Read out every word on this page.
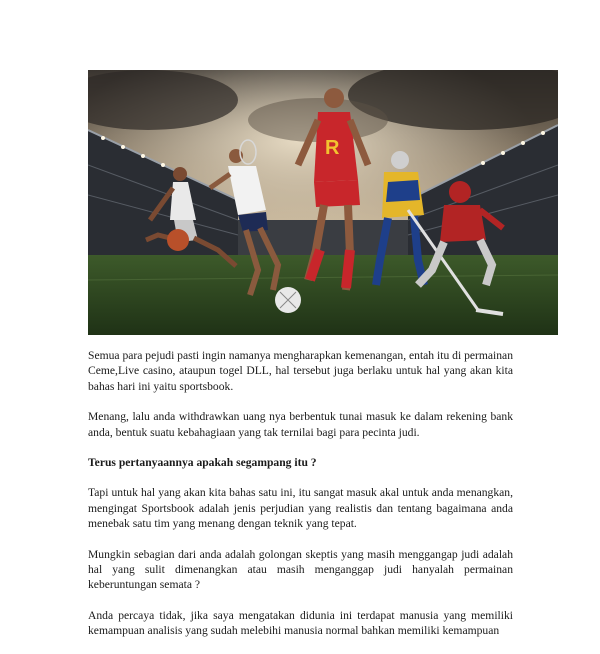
R

Semua para pejudi pasti ingin namanya mengharapkan kemenangan, entah itu di permainan Ceme,Live casino, ataupun togel DLL, hal tersebut juga berlaku untuk hal yang akan kita bahas hari ini yaitu sportsbook.

Menang, lalu anda withdrawkan uang nya berbentuk tunai masuk ke dalam rekening bank anda, bentuk suatu kebahagiaan yang tak ternilai bagi para pecinta judi.

Terus pertanyaannya apakah segampang itu ?

Tapi untuk hal yang akan kita bahas satu ini, itu sangat masuk akal untuk anda menangkan, mengingat Sportsbook adalah jenis perjudian yang realistis dan tentang bagaimana anda menebak satu tim yang menang dengan teknik yang tepat.

Mungkin sebagian dari anda adalah golongan skeptis yang masih menggangap judi adalah hal yang sulit dimenangkan atau masih menganggap judi hanyalah permainan keberuntungan semata ?

Anda percaya tidak, jika saya mengatakan didunia ini terdapat manusia yang memiliki kemampuan analisis yang sudah melebihi manusia normal bahkan memiliki kemampuan
